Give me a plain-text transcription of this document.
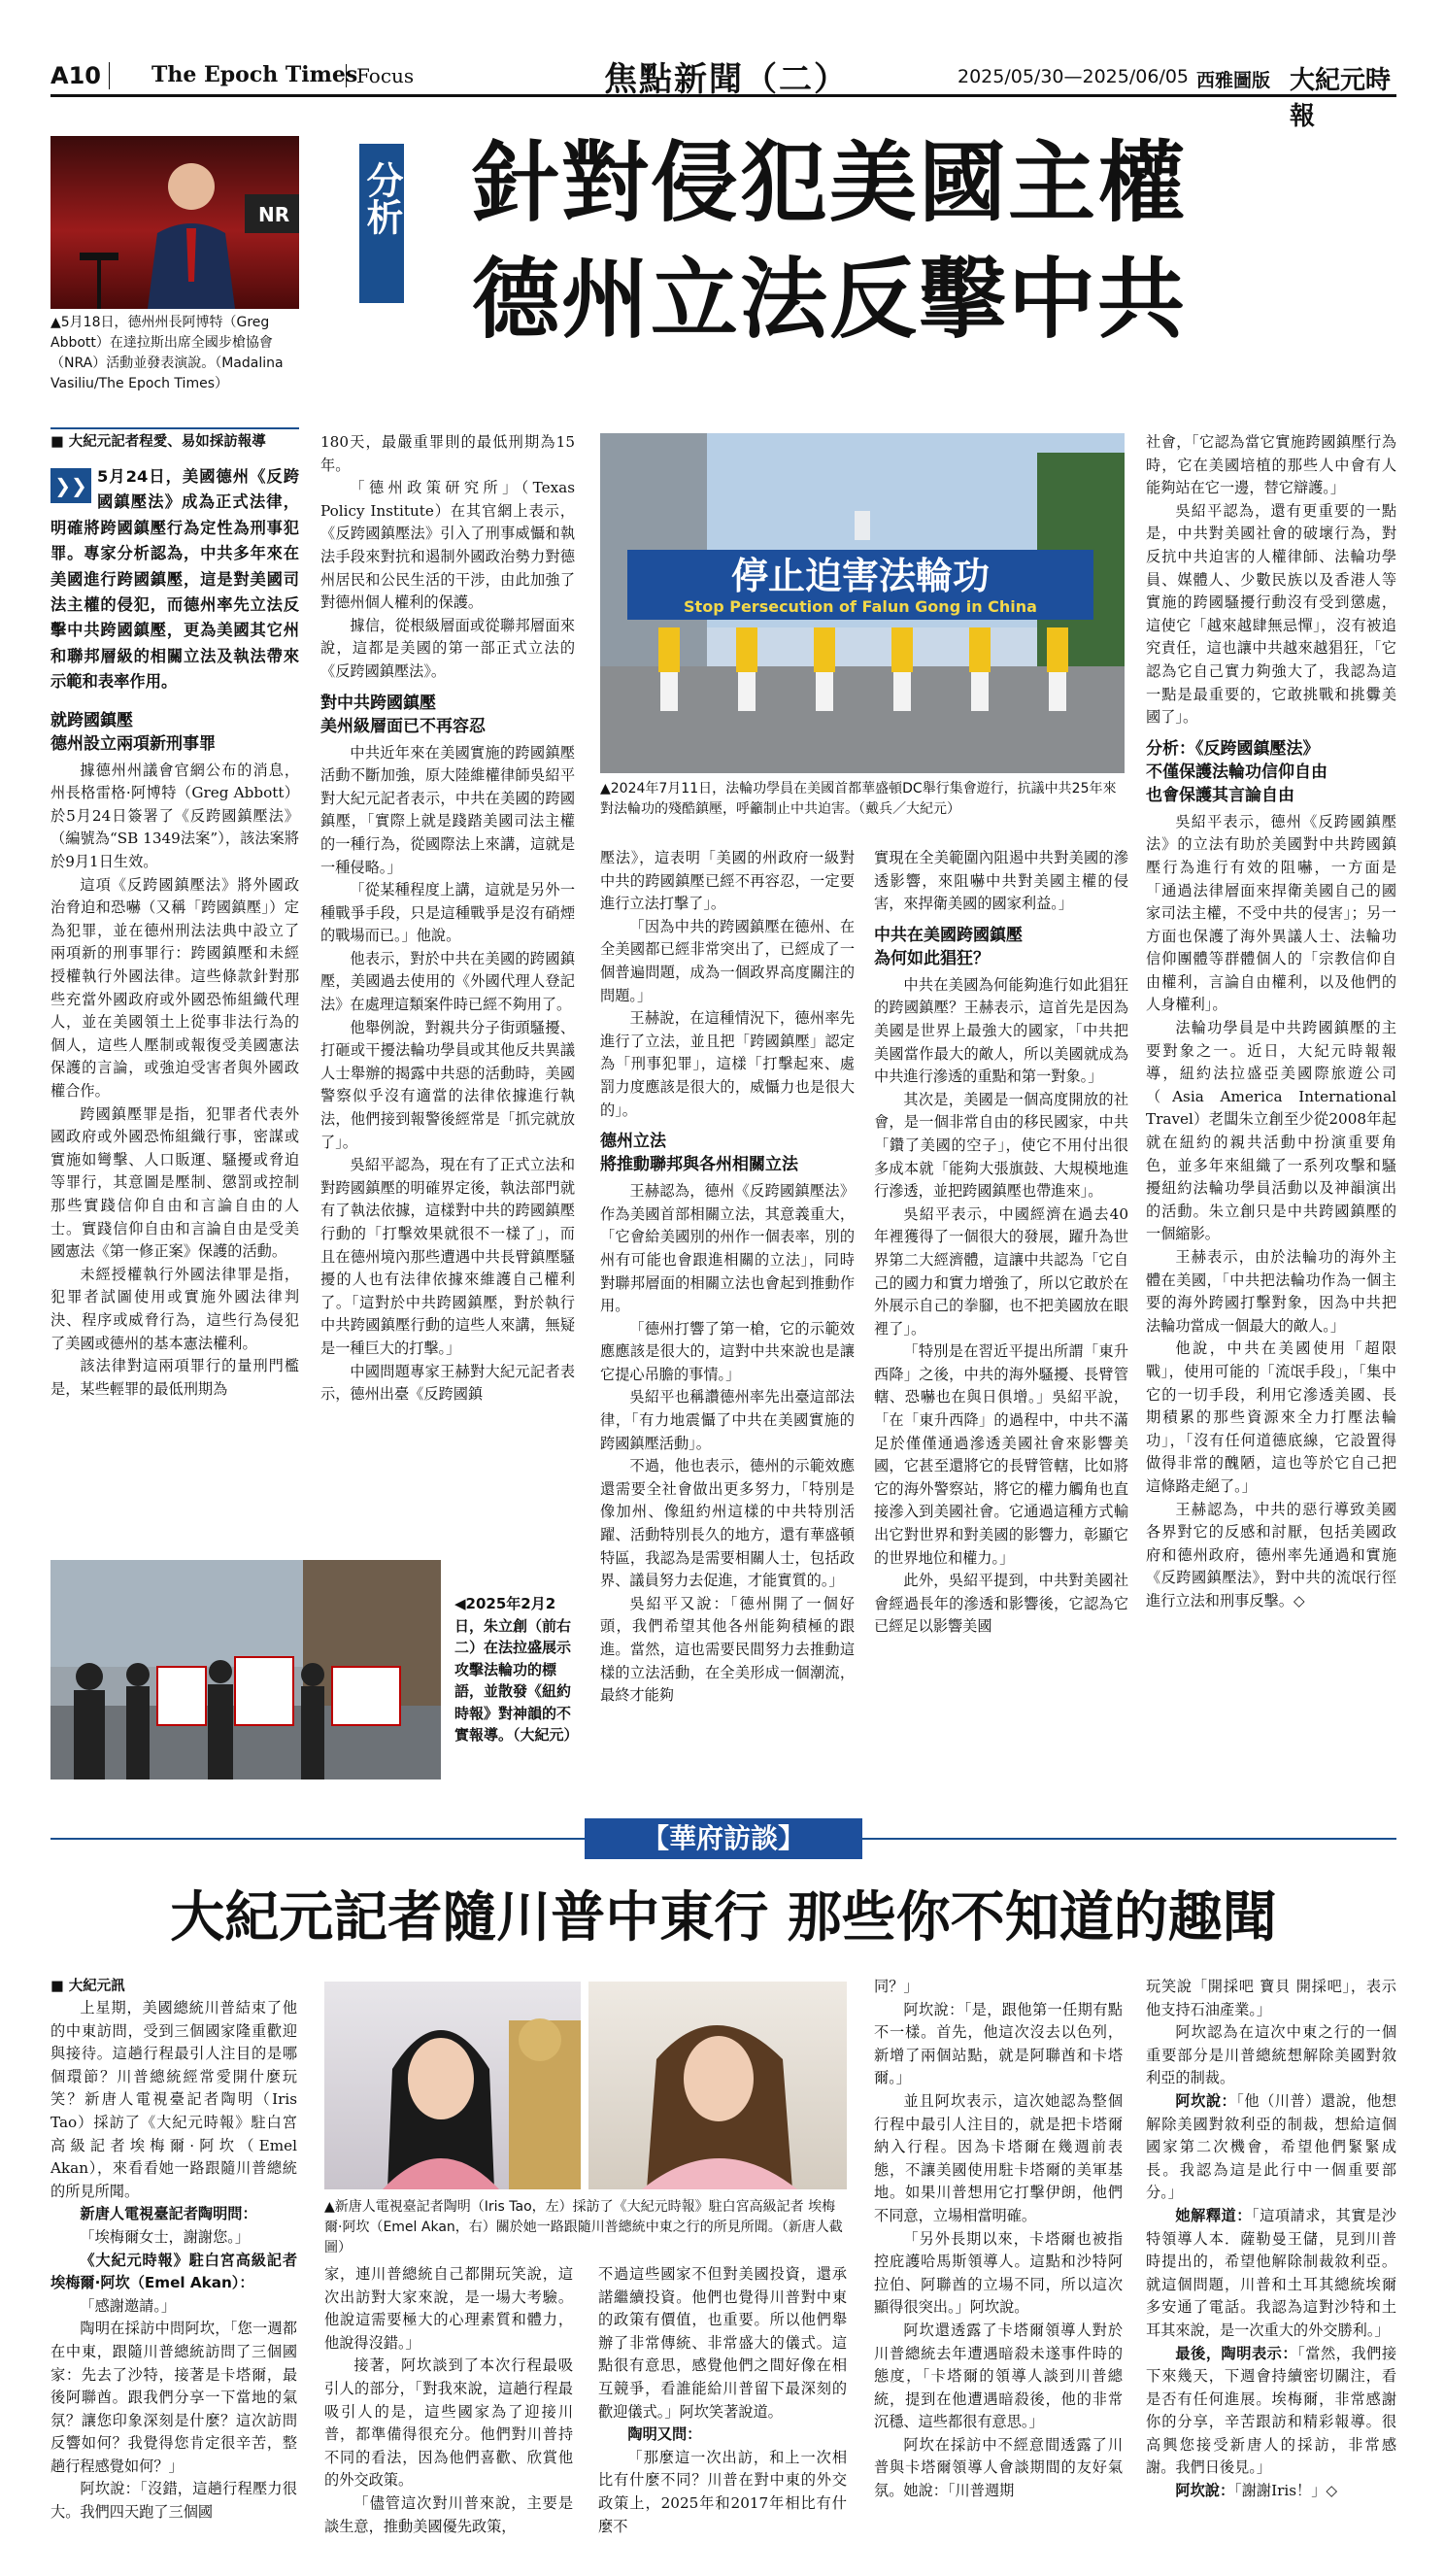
A10	The Epoch Times
Focus	焦點新聞（二）	2025/05/30—2025/06/05 西雅圖版 大紀元時報
NR
▲5月18日，德州州長阿博特（Greg Abbott）在達拉斯出席全國步槍協會（NRA）活動並發表演說。（Madalina Vasiliu/The Epoch Times）
分析 針對侵犯美國主權
德州立法反擊中共
■ 大紀元記者程愛、易如採訪報導
❯❯ 5月24日，美國德州《反跨國鎮壓法》成為正式法律，明確將跨國鎮壓行為定性為刑事犯罪。專家分析認為，中共多年來在美國進行跨國鎮壓，這是對美國司法主權的侵犯，而德州率先立法反擊中共跨國鎮壓，更為美國其它州和聯邦層級的相關立法及執法帶來示範和表率作用。
就跨國鎮壓
德州設立兩項新刑事罪

據德州州議會官網公布的消息，州長格雷格·阿博特（Greg Abbott）於5月24日簽署了《反跨國鎮壓法》（編號為“SB 1349法案”），該法案將於9月1日生效。

這項《反跨國鎮壓法》將外國政治脅迫和恐嚇（又稱「跨國鎮壓」）定為犯罪，並在德州刑法法典中設立了兩項新的刑事罪行：跨國鎮壓和未經授權執行外國法律。這些條款針對那些充當外國政府或外國恐怖組織代理人，並在美國領土上從事非法行為的個人，這些人壓制或報復受美國憲法保護的言論，或強迫受害者與外國政權合作。

跨國鎮壓罪是指，犯罪者代表外國政府或外國恐怖組織行事，密謀或實施如彎擊、人口販運、騷擾或脅迫等罪行，其意圖是壓制、懲罰或控制那些實踐信仰自由和言論自由的人士。實踐信仰自由和言論自由是受美國憲法《第一修正案》保護的活動。

未經授權執行外國法律罪是指，犯罪者試圖使用或實施外國法律判決、程序或威脅行為，這些行為侵犯了美國或德州的基本憲法權利。

該法律對這兩項罪行的量刑門檻是，某些輕罪的最低刑期為

180天，最嚴重罪則的最低刑期為15年。

「德州政策研究所」（Texas Policy Institute）在其官網上表示，《反跨國鎮壓法》引入了刑事威懾和執法手段來對抗和遏制外國政治勢力對德州居民和公民生活的干涉，由此加強了對德州個人權利的保護。

據信，從根級層面或從聯邦層面來說，這都是美國的第一部正式立法的《反跨國鎮壓法》。

對中共跨國鎮壓
美州級層面已不再容忍

中共近年來在美國實施的跨國鎮壓活動不斷加強，原大陸維權律師吳紹平對大紀元記者表示，中共在美國的跨國鎮壓，「實際上就是踐踏美國司法主權的一種行為，從國際法上來講，這就是一種侵略。」

「從某種程度上講，這就是另外一種戰爭手段，只是這種戰爭是沒有硝煙的戰場而已。」他說。

他表示，對於中共在美國的跨國鎮壓，美國過去使用的《外國代理人登記法》在處理這類案件時已經不夠用了。

他舉例說，對親共分子街頭騷擾、打砸或干擾法輪功學員或其他反共異議人士舉辦的揭露中共惡的活動時，美國警察似乎沒有適當的法律依據進行執法，他們接到報警後經常是「抓完就放了」。

吳紹平認為，現在有了正式立法和對跨國鎮壓的明確界定後，執法部門就有了執法依據，這樣對中共的跨國鎮壓行動的「打擊效果就很不一樣了」，而且在德州境內那些遭遇中共長臂鎮壓騷擾的人也有法律依據來維護自己權利了。「這對於中共跨國鎮壓，對於執行中共跨國鎮壓行動的這些人來講，無疑是一種巨大的打擊。」

中國問題專家王赫對大紀元記者表示，德州出臺《反跨國鎮

停止迫害法輪功
Stop Persecution of Falun Gong in China
▲2024年7月11日，法輪功學員在美國首都華盛頓DC舉行集會遊行，抗議中共25年來對法輪功的殘酷鎮壓，呼籲制止中共迫害。（戴兵／大紀元）

壓法》，這表明「美國的州政府一級對中共的跨國鎮壓已經不再容忍，一定要進行立法打擊了」。

「因為中共的跨國鎮壓在德州、在全美國都已經非常突出了，已經成了一個普遍問題，成為一個政界高度關注的問題。」

王赫說，在這種情況下，德州率先進行了立法，並且把「跨國鎮壓」認定為「刑事犯罪」，這樣「打擊起來、處罰力度應該是很大的，威懾力也是很大的」。

德州立法
將推動聯邦與各州相關立法

王赫認為，德州《反跨國鎮壓法》作為美國首部相關立法，其意義重大，「它會給美國別的州作一個表率，別的州有可能也會跟進相關的立法」，同時對聯邦層面的相關立法也會起到推動作用。

「德州打響了第一槍，它的示範效應應該是很大的，這對中共來說也是讓它提心吊膽的事情。」

吳紹平也稱讚德州率先出臺這部法律，「有力地震懾了中共在美國實施的跨國鎮壓活動」。

不過，他也表示，德州的示範效應還需要全社會做出更多努力，「特別是像加州、像紐約州這樣的中共特別活躍、活動特別長久的地方，還有華盛頓特區，我認為是需要相關人士，包括政界、議員努力去促進，才能實質的。」

吳紹平又說：「德州開了一個好頭，我們希望其他各州能夠積極的跟進。當然，這也需要民間努力去推動這樣的立法活動，在全美形成一個潮流，最終才能夠

實現在全美範圍內阻遏中共對美國的滲透影響，來阻嚇中共對美國主權的侵害，來捍衛美國的國家利益。」

中共在美國跨國鎮壓
為何如此猖狂？

中共在美國為何能夠進行如此猖狂的跨國鎮壓？王赫表示，這首先是因為美國是世界上最強大的國家，「中共把美國當作最大的敵人，所以美國就成為中共進行滲透的重點和第一對象。」

其次是，美國是一個高度開放的社會，是一個非常自由的移民國家，中共「鑽了美國的空子」，使它不用付出很多成本就「能夠大張旗鼓、大規模地進行滲透，並把跨國鎮壓也帶進來」。

吳紹平表示，中國經濟在過去40年裡獲得了一個很大的發展，躍升為世界第二大經濟體，這讓中共認為「它自己的國力和實力增強了，所以它敢於在外展示自己的拳腳，也不把美國放在眼裡了」。

「特別是在習近平提出所謂「東升西降」之後，中共的海外騷擾、長臂管轄、恐嚇也在與日俱增。」吳紹平說，「在「東升西降」的過程中，中共不滿足於僅僅通過滲透美國社會來影響美國，它甚至還將它的長臂管轄，比如將它的海外警察站，將它的權力觸角也直接滲入到美國社會。它通過這種方式輸出它對世界和對美國的影響力，彰顯它的世界地位和權力。」

此外，吳紹平提到，中共對美國社會經過長年的滲透和影響後，它認為它已經足以影響美國

社會，「它認為當它實施跨國鎮壓行為時，它在美國培植的那些人中會有人能夠站在它一邊，替它辯護。」

吳紹平認為，還有更重要的一點是，中共對美國社會的破壞行為，對反抗中共迫害的人權律師、法輪功學員、媒體人、少數民族以及香港人等實施的跨國騷擾行動沒有受到懲處，這使它「越來越肆無忌憚」，沒有被追究責任，這也讓中共越來越猖狂，「它認為它自己實力夠強大了，我認為這一點是最重要的，它敢挑戰和挑釁美國了」。

分析：《反跨國鎮壓法》
不僅保護法輪功信仰自由
也會保護其言論自由

吳紹平表示，德州《反跨國鎮壓法》的立法有助於美國對中共跨國鎮壓行為進行有效的阻嚇，一方面是「通過法律層面來捍衛美國自己的國家司法主權，不受中共的侵害」；另一方面也保護了海外異議人士、法輪功信仰團體等群體個人的「宗教信仰自由權利，言論自由權利，以及他們的人身權利」。

法輪功學員是中共跨國鎮壓的主要對象之一。近日，大紀元時報報導，紐約法拉盛亞美國際旅遊公司（Asia America International Travel）老闆朱立創至少從2008年起就在紐約的親共活動中扮演重要角色，並多年來組織了一系列攻擊和騷擾紐約法輪功學員活動以及神韻演出的活動。朱立創只是中共跨國鎮壓的一個縮影。

王赫表示，由於法輪功的海外主體在美國，「中共把法輪功作為一個主要的海外跨國打擊對象，因為中共把法輪功當成一個最大的敵人。」

他說，中共在美國使用「超限戰」，使用可能的「流氓手段」，「集中它的一切手段，利用它滲透美國、長期積累的那些資源來全力打壓法輪功」，「沒有任何道德底線，它設置得做得非常的醜陋，這也等於它自己把這條路走絕了。」

王赫認為，中共的惡行導致美國各界對它的反感和討厭，包括美國政府和德州政府，德州率先通過和實施《反跨國鎮壓法》，對中共的流氓行徑進行立法和刑事反擊。◇

◀2025年2月2日，朱立創（前右二）在法拉盛展示攻擊法輪功的標語，並散發《紐約時報》對神韻的不實報導。（大紀元）
【華府訪談】
大紀元記者隨川普中東行 那些你不知道的趣聞
■ 大紀元訊

上星期，美國總統川普結束了他的中東訪問，受到三個國家隆重歡迎與接待。這趟行程最引人注目的是哪個環節？川普總統經常愛開什麼玩笑？新唐人電視臺記者陶明（Iris Tao）採訪了《大紀元時報》駐白宮高級記者埃梅爾·阿坎（Emel Akan），來看看她一路跟隨川普總統的所見所聞。

新唐人電視臺記者陶明問：

「埃梅爾女士，謝謝您。」

《大紀元時報》駐白宮高級記者埃梅爾·阿坎（Emel Akan）：

「感謝邀請。」

陶明在採訪中問阿坎，「您一週都在中東，跟隨川普總統訪問了三個國家：先去了沙特，接著是卡塔爾，最後阿聯酋。跟我們分享一下當地的氣氛？讓您印象深刻是什麼？這次訪問反響如何？我覺得您肯定很辛苦，整趟行程感覺如何？」

阿坎說：「沒錯，這趟行程壓力很大。我們四天跑了三個國

▲新唐人電視臺記者陶明（Iris Tao，左）採訪了《大紀元時報》駐白宮高級記者 埃梅爾·阿坎（Emel Akan，右）關於她一路跟隨川普總統中東之行的所見所聞。（新唐人截圖）

家，連川普總統自己都開玩笑說，這次出訪對大家來說，是一場大考驗。他說這需要極大的心理素質和體力，他說得沒錯。」

接著，阿坎談到了本次行程最吸引人的部分，「對我來說，這趟行程最吸引人的是，這些國家為了迎接川普，都準備得很充分。他們對川普持不同的看法，因為他們喜歡、欣賞他的外交政策。

「儘管這次對川普來說，主要是談生意，推動美國優先政策，

不過這些國家不但對美國投資，還承諾繼續投資。他們也覺得川普對中東的政策有價值，也重要。所以他們舉辦了非常傳統、非常盛大的儀式。這點很有意思，感覺他們之間好像在相互競爭，看誰能給川普留下最深刻的歡迎儀式。」阿坎笑著說道。

陶明又問：

「那麼這一次出訪，和上一次相比有什麼不同？川普在對中東的外交政策上，2025年和2017年相比有什麼不

同？」

阿坎說：「是，跟他第一任期有點不一樣。首先，他這次沒去以色列，新增了兩個站點，就是阿聯酋和卡塔爾。」

並且阿坎表示，這次她認為整個行程中最引人注目的，就是把卡塔爾納入行程。因為卡塔爾在幾週前表態，不讓美國使用駐卡塔爾的美軍基地。如果川普想用它打擊伊朗，他們不同意，立場相當明確。

「另外長期以來，卡塔爾也被指控庇護哈馬斯領導人。這點和沙特阿拉伯、阿聯酋的立場不同，所以這次顯得很突出。」阿坎說。

阿坎還透露了卡塔爾領導人對於川普總統去年遭遇暗殺未遂事件時的態度，「卡塔爾的領導人談到川普總統，提到在他遭遇暗殺後，他的非常沉穩、這些都很有意思。」

阿坎在採訪中不經意間透露了川普與卡塔爾領導人會談期間的友好氣氛。她說：「川普週期

玩笑說「開採吧 寶貝 開採吧」，表示他支持石油產業。」

阿坎認為在這次中東之行的一個重要部分是川普總統想解除美國對敘利亞的制裁。

阿坎說：「他（川普）還說，他想解除美國對敘利亞的制裁，想給這個國家第二次機會，希望他們緊緊成長。我認為這是此行中一個重要部分。」

她解釋道：「這項請求，其實是沙特領導人本．薩勒曼王儲，見到川普時提出的，希望他解除制裁敘利亞。就這個問題，川普和土耳其總統埃爾多安通了電話。我認為這對沙特和土耳其來說，是一次重大的外交勝利。」

最後，陶明表示：「當然，我們接下來幾天，下週會持續密切關注，看是否有任何進展。埃梅爾，非常感謝你的分享，辛苦跟訪和精彩報導。很高興您接受新唐人的採訪，非常感謝。我們日後見。」

阿坎說：「謝謝Iris！」◇
